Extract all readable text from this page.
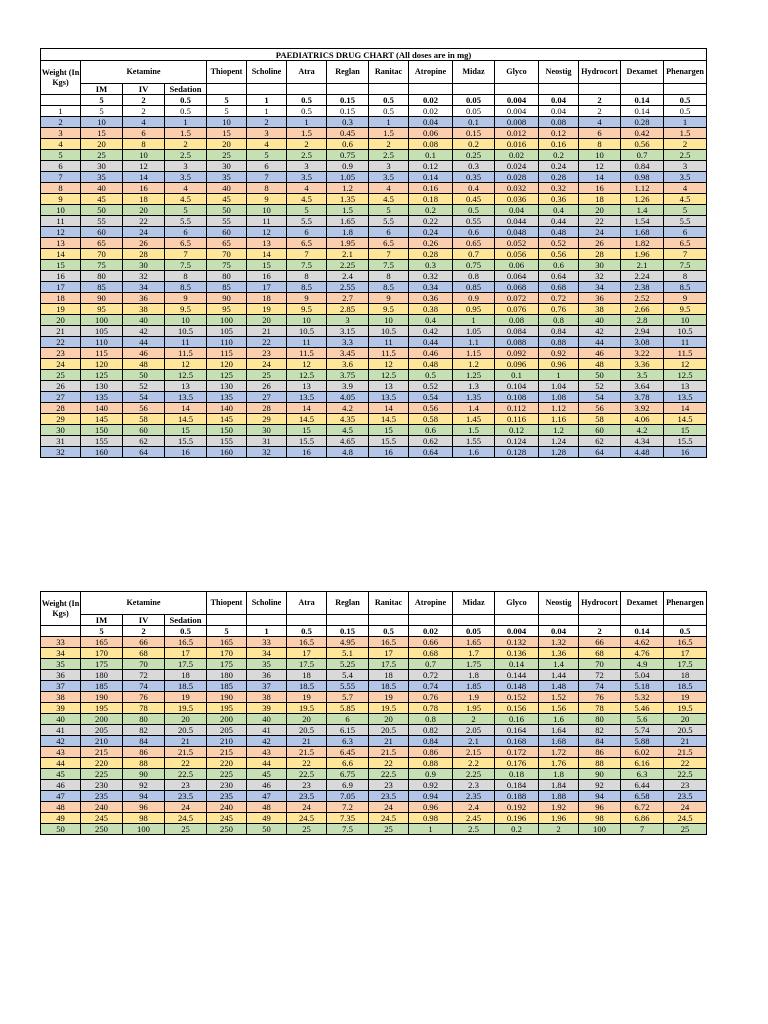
PAEDIATRICS DRUG CHART (All doses are in mg)															
Weight (In Kgs)	Ketamine			Thiopent	Scholine	Atra	Reglan	Ranitac	Atropine	Midaz	Glyco	Neostig	Hydrocort	Dexamet	Phenargen
	IM	IV	Sedation												
	5	2	0.5	5	1	0.5	0.15	0.5	0.02	0.05	0.004	0.04	2	0.14	0.5
1	5	2	0.5	5	1	0.5	0.15	0.5	0.02	0.05	0.004	0.04	2	0.14	0.5
2	10	4	1	10	2	1	0.3	1	0.04	0.1	0.008	0.08	4	0.28	1
3	15	6	1.5	15	3	1.5	0.45	1.5	0.06	0.15	0.012	0.12	6	0.42	1.5
4	20	8	2	20	4	2	0.6	2	0.08	0.2	0.016	0.16	8	0.56	2
5	25	10	2.5	25	5	2.5	0.75	2.5	0.1	0.25	0.02	0.2	10	0.7	2.5
6	30	12	3	30	6	3	0.9	3	0.12	0.3	0.024	0.24	12	0.84	3
7	35	14	3.5	35	7	3.5	1.05	3.5	0.14	0.35	0.028	0.28	14	0.98	3.5
8	40	16	4	40	8	4	1.2	4	0.16	0.4	0.032	0.32	16	1.12	4
9	45	18	4.5	45	9	4.5	1.35	4.5	0.18	0.45	0.036	0.36	18	1.26	4.5
10	50	20	5	50	10	5	1.5	5	0.2	0.5	0.04	0.4	20	1.4	5
11	55	22	5.5	55	11	5.5	1.65	5.5	0.22	0.55	0.044	0.44	22	1.54	5.5
12	60	24	6	60	12	6	1.8	6	0.24	0.6	0.048	0.48	24	1.68	6
13	65	26	6.5	65	13	6.5	1.95	6.5	0.26	0.65	0.052	0.52	26	1.82	6.5
14	70	28	7	70	14	7	2.1	7	0.28	0.7	0.056	0.56	28	1.96	7
15	75	30	7.5	75	15	7.5	2.25	7.5	0.3	0.75	0.06	0.6	30	2.1	7.5
16	80	32	8	80	16	8	2.4	8	0.32	0.8	0.064	0.64	32	2.24	8
17	85	34	8.5	85	17	8.5	2.55	8.5	0.34	0.85	0.068	0.68	34	2.38	8.5
18	90	36	9	90	18	9	2.7	9	0.36	0.9	0.072	0.72	36	2.52	9
19	95	38	9.5	95	19	9.5	2.85	9.5	0.38	0.95	0.076	0.76	38	2.66	9.5
20	100	40	10	100	20	10	3	10	0.4	1	0.08	0.8	40	2.8	10
21	105	42	10.5	105	21	10.5	3.15	10.5	0.42	1.05	0.084	0.84	42	2.94	10.5
22	110	44	11	110	22	11	3.3	11	0.44	1.1	0.088	0.88	44	3.08	11
23	115	46	11.5	115	23	11.5	3.45	11.5	0.46	1.15	0.092	0.92	46	3.22	11.5
24	120	48	12	120	24	12	3.6	12	0.48	1.2	0.096	0.96	48	3.36	12
25	125	50	12.5	125	25	12.5	3.75	12.5	0.5	1.25	0.1	1	50	3.5	12.5
26	130	52	13	130	26	13	3.9	13	0.52	1.3	0.104	1.04	52	3.64	13
27	135	54	13.5	135	27	13.5	4.05	13.5	0.54	1.35	0.108	1.08	54	3.78	13.5
28	140	56	14	140	28	14	4.2	14	0.56	1.4	0.112	1.12	56	3.92	14
29	145	58	14.5	145	29	14.5	4.35	14.5	0.58	1.45	0.116	1.16	58	4.06	14.5
30	150	60	15	150	30	15	4.5	15	0.6	1.5	0.12	1.2	60	4.2	15
31	155	62	15.5	155	31	15.5	4.65	15.5	0.62	1.55	0.124	1.24	62	4.34	15.5
32	160	64	16	160	32	16	4.8	16	0.64	1.6	0.128	1.28	64	4.48	16
Weight (In Kgs)	Ketamine			Thiopent	Scholine	Atra	Reglan	Ranitac	Atropine	Midaz	Glyco	Neostig	Hydrocort	Dexamet	Phenargen
	IM	IV	Sedation												
	5	2	0.5	5	1	0.5	0.15	0.5	0.02	0.05	0.004	0.04	2	0.14	0.5
33	165	66	16.5	165	33	16.5	4.95	16.5	0.66	1.65	0.132	1.32	66	4.62	16.5
34	170	68	17	170	34	17	5.1	17	0.68	1.7	0.136	1.36	68	4.76	17
35	175	70	17.5	175	35	17.5	5.25	17.5	0.7	1.75	0.14	1.4	70	4.9	17.5
36	180	72	18	180	36	18	5.4	18	0.72	1.8	0.144	1.44	72	5.04	18
37	185	74	18.5	185	37	18.5	5.55	18.5	0.74	1.85	0.148	1.48	74	5.18	18.5
38	190	76	19	190	38	19	5.7	19	0.76	1.9	0.152	1.52	76	5.32	19
39	195	78	19.5	195	39	19.5	5.85	19.5	0.78	1.95	0.156	1.56	78	5.46	19.5
40	200	80	20	200	40	20	6	20	0.8	2	0.16	1.6	80	5.6	20
41	205	82	20.5	205	41	20.5	6.15	20.5	0.82	2.05	0.164	1.64	82	5.74	20.5
42	210	84	21	210	42	21	6.3	21	0.84	2.1	0.168	1.68	84	5.88	21
43	215	86	21.5	215	43	21.5	6.45	21.5	0.86	2.15	0.172	1.72	86	6.02	21.5
44	220	88	22	220	44	22	6.6	22	0.88	2.2	0.176	1.76	88	6.16	22
45	225	90	22.5	225	45	22.5	6.75	22.5	0.9	2.25	0.18	1.8	90	6.3	22.5
46	230	92	23	230	46	23	6.9	23	0.92	2.3	0.184	1.84	92	6.44	23
47	235	94	23.5	235	47	23.5	7.05	23.5	0.94	2.35	0.188	1.88	94	6.58	23.5
48	240	96	24	240	48	24	7.2	24	0.96	2.4	0.192	1.92	96	6.72	24
49	245	98	24.5	245	49	24.5	7.35	24.5	0.98	2.45	0.196	1.96	98	6.86	24.5
50	250	100	25	250	50	25	7.5	25	1	2.5	0.2	2	100	7	25
